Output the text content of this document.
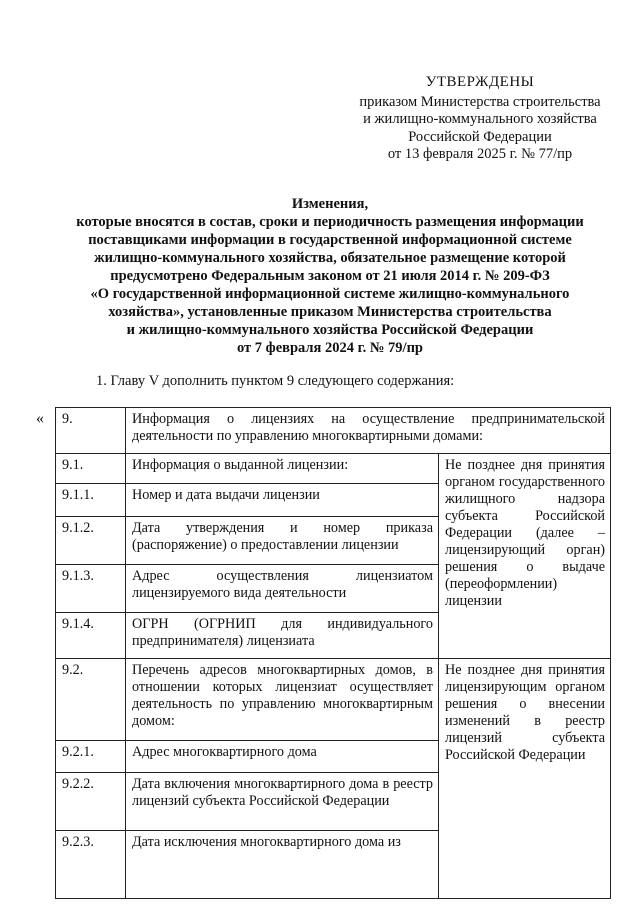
УТВЕРЖДЕНЫ
приказом Министерства строительства
и жилищно-коммунального хозяйства
Российской Федерации
от 13 февраля 2025 г. № 77/пр
Изменения,
которые вносятся в состав, сроки и периодичность размещения информации
поставщиками информации в государственной информационной системе
жилищно-коммунального хозяйства, обязательное размещение которой
предусмотрено Федеральным законом от 21 июля 2014 г. № 209-ФЗ
«О государственной информационной системе жилищно-коммунального
хозяйства», установленные приказом Министерства строительства
и жилищно-коммунального хозяйства Российской Федерации
от 7 февраля 2024 г. № 79/пр
1. Главу V дополнить пунктом 9 следующего содержания:
« 9.	Информация о лицензиях на осуществление предпринимательской деятельности по управлению многоквартирными домами:	
9.1.	Информация о выданной лицензии:	Не позднее дня принятия органом государственного жилищного надзора субъекта Российской Федерации (далее – лицензирующий орган) решения о выдаче (переоформлении) лицензии
9.1.1.	Номер и дата выдачи лицензии	
9.1.2.	Дата утверждения и номер приказа (распоряжение) о предоставлении лицензии	
9.1.3.	Адрес осуществления лицензиатом лицензируемого вида деятельности	
9.1.4.	ОГРН (ОГРНИП для индивидуального предпринимателя) лицензиата	
9.2.	Перечень адресов многоквартирных домов, в отношении которых лицензиат осуществляет деятельность по управлению многоквартирным домом:	Не позднее дня принятия лицензирующим органом решения о внесении изменений в реестр лицензий субъекта Российской Федерации
9.2.1.	Адрес многоквартирного дома	
9.2.2.	Дата включения многоквартирного дома в реестр лицензий субъекта Российской Федерации	
9.2.3.	Дата исключения многоквартирного дома из	
